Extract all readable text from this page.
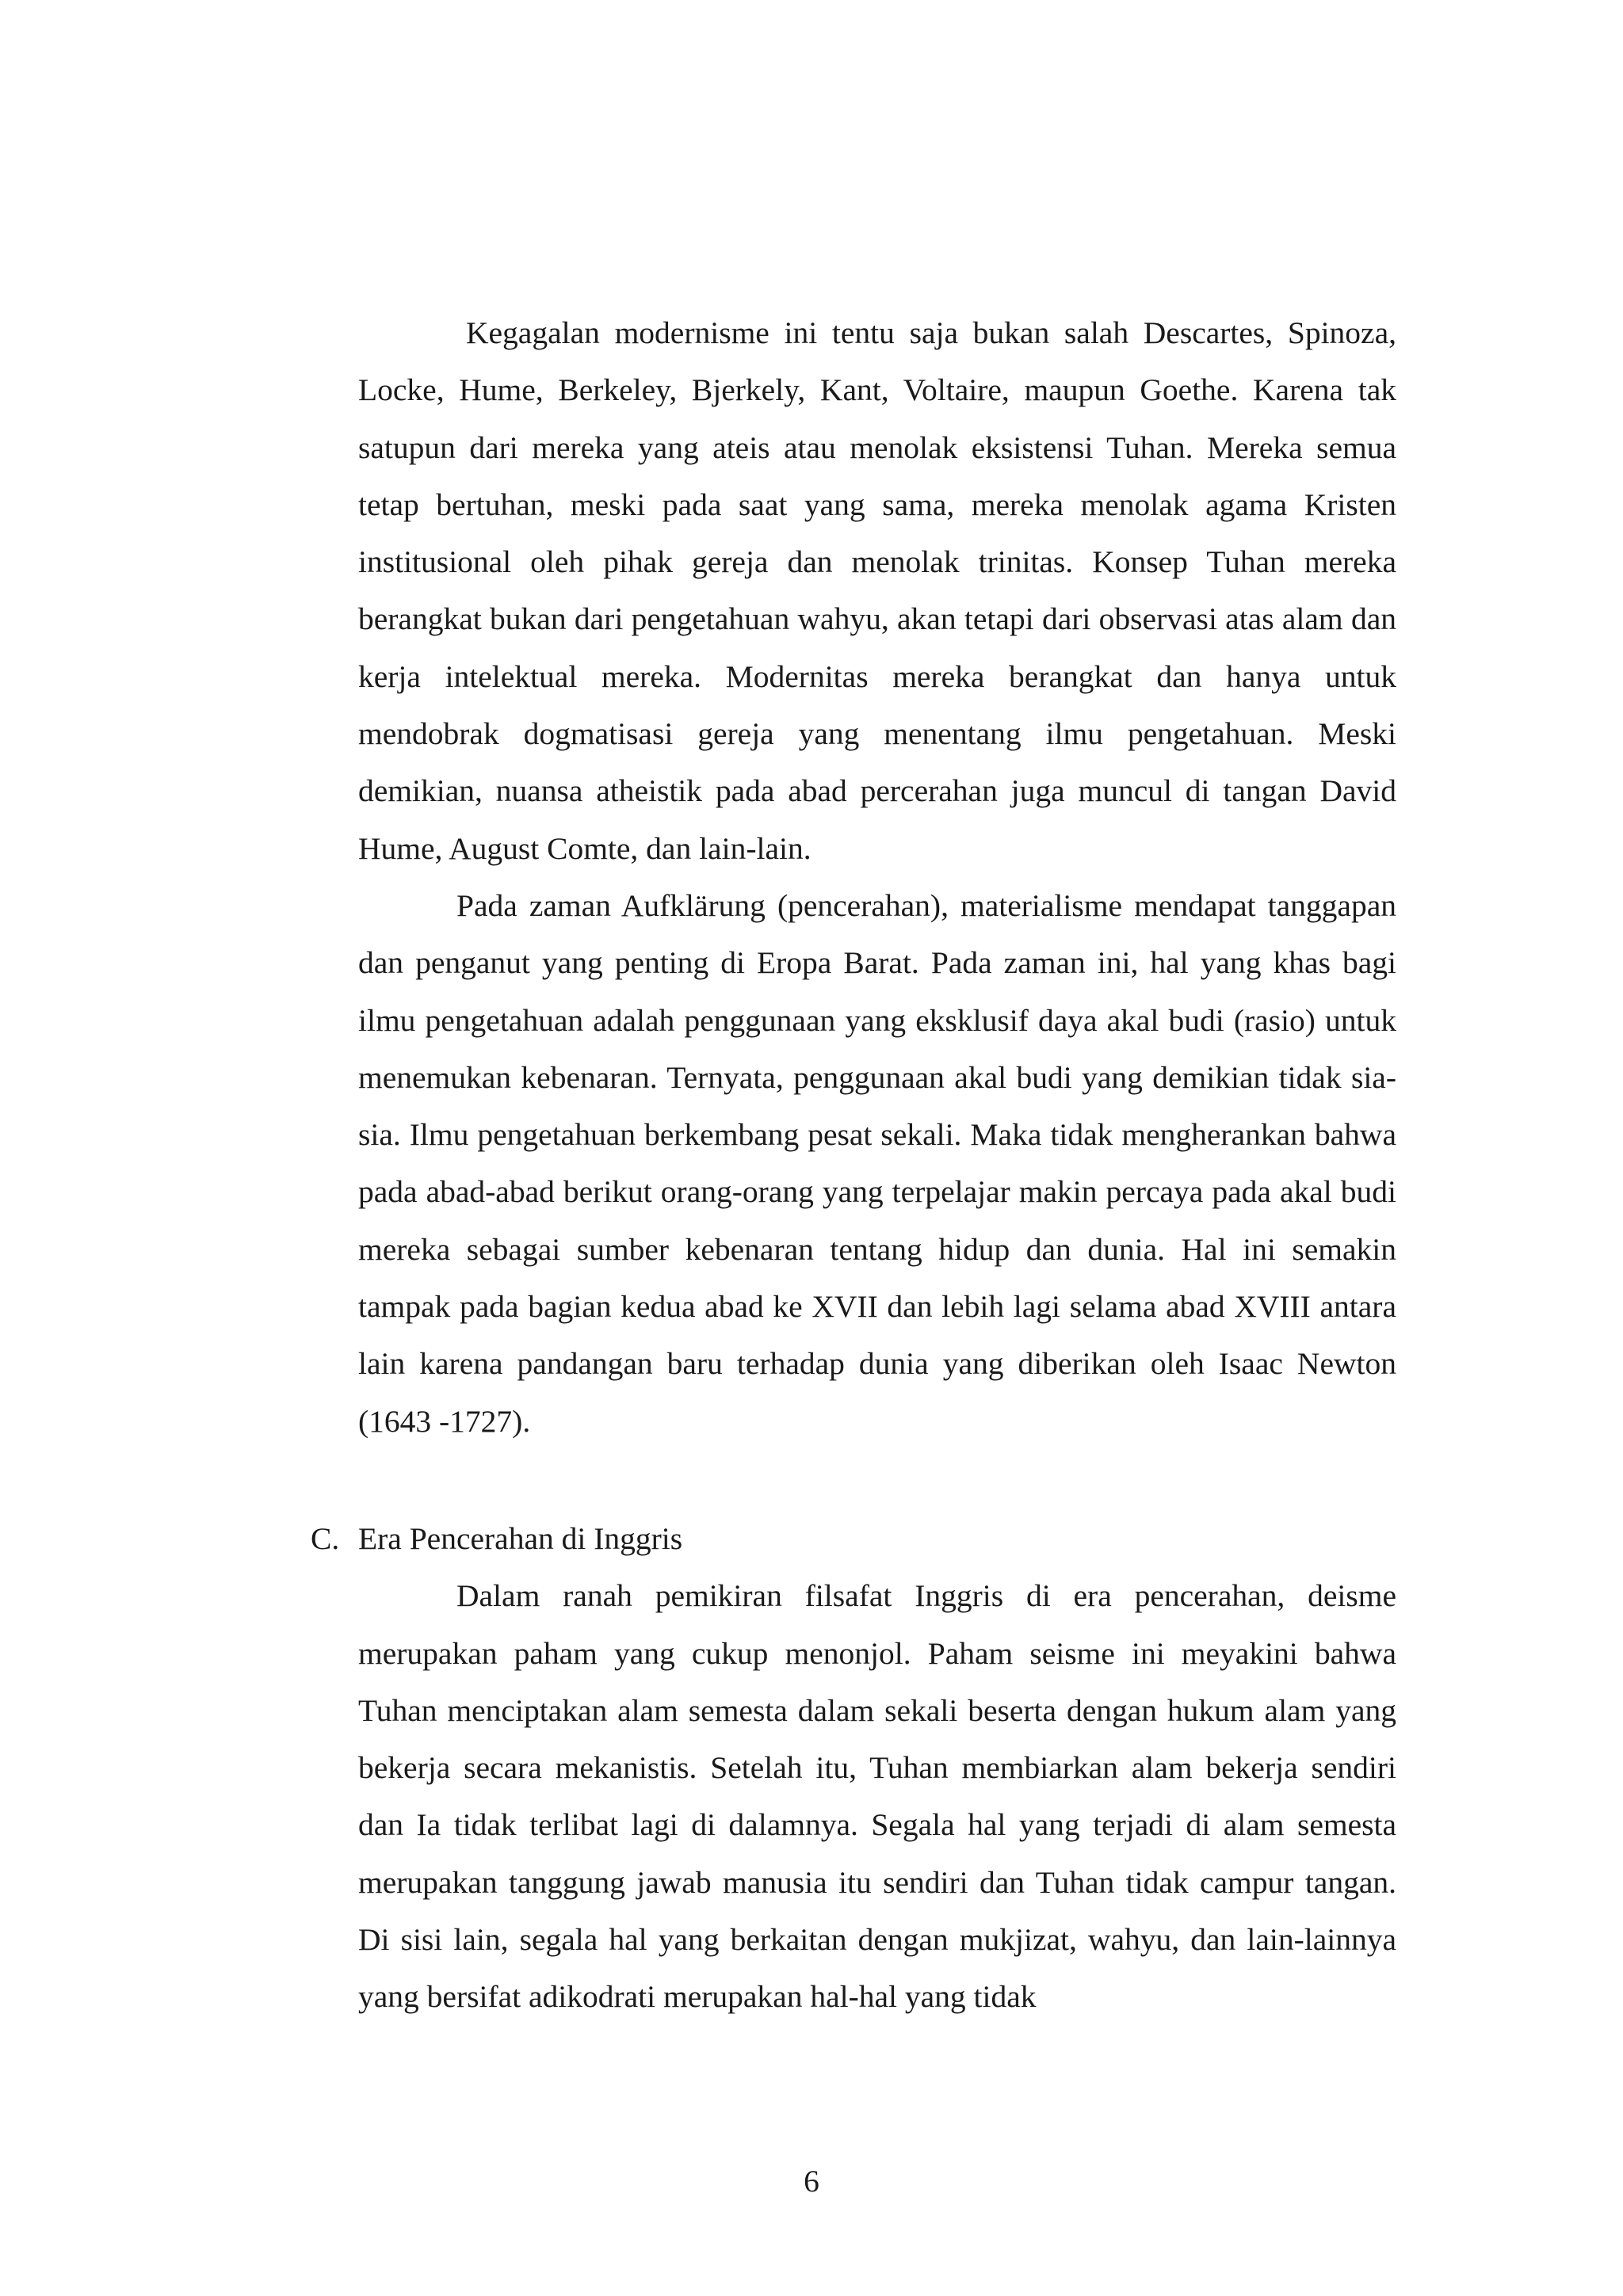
Kegagalan modernisme ini tentu saja bukan salah Descartes, Spinoza, Locke, Hume, Berkeley, Bjerkely, Kant, Voltaire, maupun Goethe. Karena tak satupun dari mereka yang ateis atau menolak eksistensi Tuhan. Mereka semua tetap bertuhan, meski pada saat yang sama, mereka menolak agama Kristen institusional oleh pihak gereja dan menolak trinitas. Konsep Tuhan mereka berangkat bukan dari pengetahuan wahyu, akan tetapi dari observasi atas alam dan kerja intelektual mereka. Modernitas mereka berangkat dan hanya untuk mendobrak dogmatisasi gereja yang menentang ilmu pengetahuan. Meski demikian, nuansa atheistik pada abad percerahan juga muncul di tangan David Hume, August Comte, dan lain-lain.

Pada zaman Aufklärung (pencerahan), materialisme mendapat tanggapan dan penganut yang penting di Eropa Barat. Pada zaman ini, hal yang khas bagi ilmu pengetahuan adalah penggunaan yang eksklusif daya akal budi (rasio) untuk menemukan kebenaran. Ternyata, penggunaan akal budi yang demikian tidak sia-sia. Ilmu pengetahuan berkembang pesat sekali. Maka tidak mengherankan bahwa pada abad-abad berikut orang-orang yang terpelajar makin percaya pada akal budi mereka sebagai sumber kebenaran tentang hidup dan dunia. Hal ini semakin tampak pada bagian kedua abad ke XVII dan lebih lagi selama abad XVIII antara lain karena pandangan baru terhadap dunia yang diberikan oleh Isaac Newton (1643 -1727).

C. Era Pencerahan di Inggris

Dalam ranah pemikiran filsafat Inggris di era pencerahan, deisme merupakan paham yang cukup menonjol. Paham seisme ini meyakini bahwa Tuhan menciptakan alam semesta dalam sekali beserta dengan hukum alam yang bekerja secara mekanistis. Setelah itu, Tuhan membiarkan alam bekerja sendiri dan Ia tidak terlibat lagi di dalamnya. Segala hal yang terjadi di alam semesta merupakan tanggung jawab manusia itu sendiri dan Tuhan tidak campur tangan. Di sisi lain, segala hal yang berkaitan dengan mukjizat, wahyu, dan lain-lainnya yang bersifat adikodrati merupakan hal-hal yang tidak

6
